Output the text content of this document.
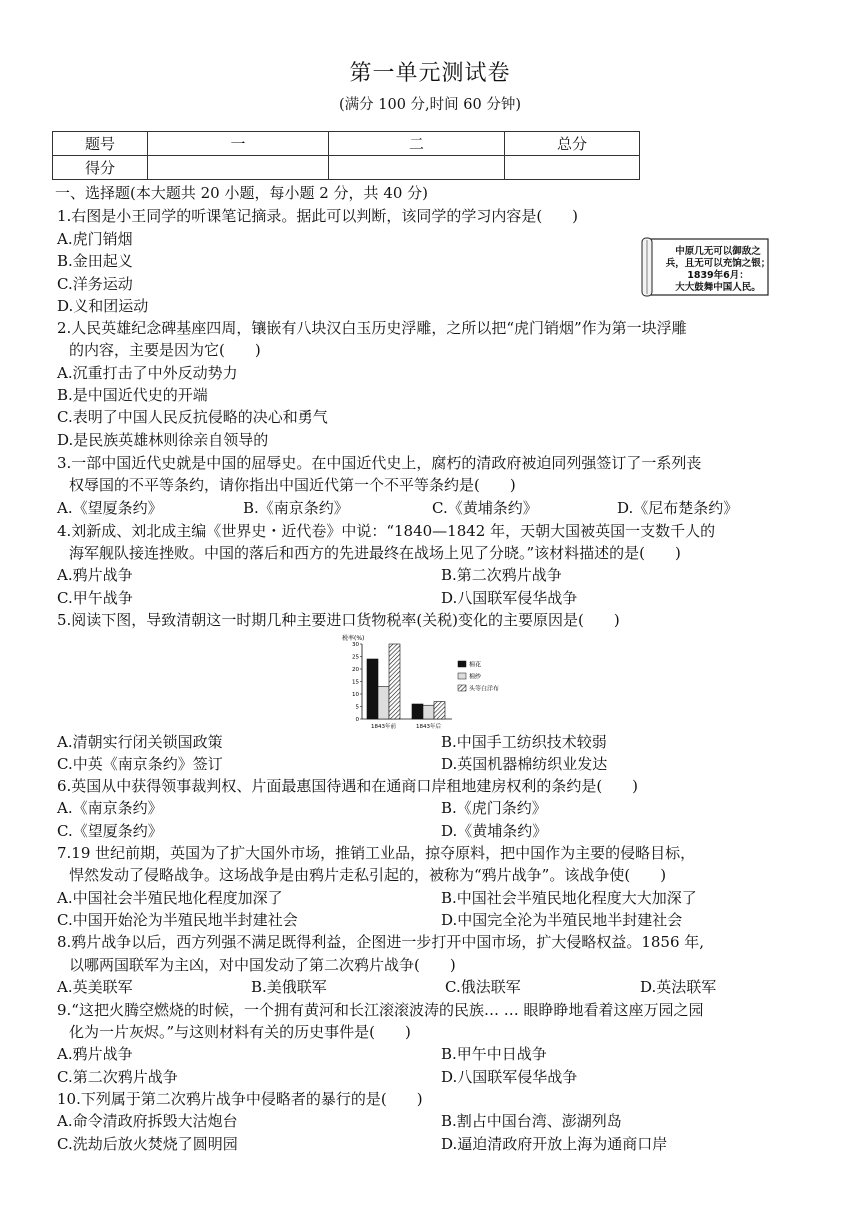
第一单元测试卷
(满分 100 分,时间 60 分钟)
题号	一	二	总分
得分			
一、选择题(本大题共 20 小题，每小题 2 分，共 40 分)
1.右图是小王同学的听课笔记摘录。据此可以判断，该同学的学习内容是(　　)
A.虎门销烟
B.金田起义
C.洋务运动
D.义和团运动
中原几无可以御敌之
兵，且无可以充饷之银；
1839年6月：
大大鼓舞中国人民。
2.人民英雄纪念碑基座四周，镶嵌有八块汉白玉历史浮雕，之所以把“虎门销烟”作为第一块浮雕
的内容，主要是因为它(　　)
A.沉重打击了中外反动势力
B.是中国近代史的开端
C.表明了中国人民反抗侵略的决心和勇气
D.是民族英雄林则徐亲自领导的
3.一部中国近代史就是中国的屈辱史。在中国近代史上，腐朽的清政府被迫同列强签订了一系列丧
权辱国的不平等条约，请你指出中国近代第一个不平等条约是(　　)
A.《望厦条约》	B.《南京条约》	C.《黄埔条约》	D.《尼布楚条约》
4.刘新成、刘北成主编《世界史・近代卷》中说：“1840—1842 年，天朝大国被英国一支数千人的
海军舰队接连挫败。中国的落后和西方的先进最终在战场上见了分晓。”该材料描述的是(　　)
A.鸦片战争	B.第二次鸦片战争
C.甲午战争	D.八国联军侵华战争
5.阅读下图，导致清朝这一时期几种主要进口货物税率(关税)变化的主要原因是(　　)
税率(%)
0
5
10
15
20
25
30
1843年前	1843年后
棉花
棉纱
头等白洋布
A.清朝实行闭关锁国政策	B.中国手工纺织技术较弱
C.中英《南京条约》签订	D.英国机器棉纺织业发达
6.英国从中获得领事裁判权、片面最惠国待遇和在通商口岸租地建房权利的条约是(　　)
A.《南京条约》	B.《虎门条约》
C.《望厦条约》	D.《黄埔条约》
7.19 世纪前期，英国为了扩大国外市场，推销工业品，掠夺原料，把中国作为主要的侵略目标，
悍然发动了侵略战争。这场战争是由鸦片走私引起的，被称为“鸦片战争”。该战争使(　　)
A.中国社会半殖民地化程度加深了	B.中国社会半殖民地化程度大大加深了
C.中国开始沦为半殖民地半封建社会	D.中国完全沦为半殖民地半封建社会
8.鸦片战争以后，西方列强不满足既得利益，企图进一步打开中国市场，扩大侵略权益。1856 年,
以哪两国联军为主凶，对中国发动了第二次鸦片战争(　　)
A.英美联军	B.美俄联军	C.俄法联军	D.英法联军
9.“这把火腾空燃烧的时候，一个拥有黄河和长江滚滚波涛的民族… … 眼睁睁地看着这座万园之园
化为一片灰烬。”与这则材料有关的历史事件是(　　)
A.鸦片战争	B.甲午中日战争
C.第二次鸦片战争	D.八国联军侵华战争
10.下列属于第二次鸦片战争中侵略者的暴行的是(　　)
A.命令清政府拆毁大沽炮台	B.割占中国台湾、澎湖列岛
C.洗劫后放火焚烧了圆明园	D.逼迫清政府开放上海为通商口岸
